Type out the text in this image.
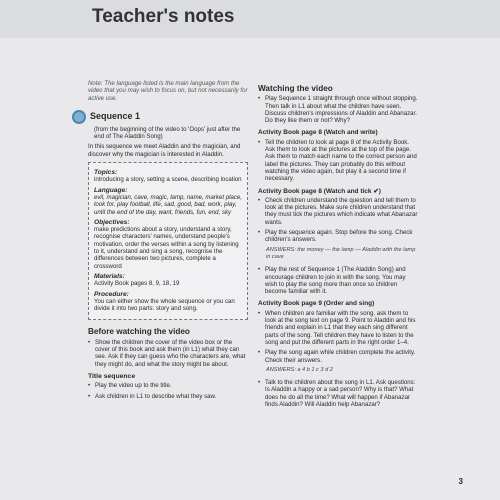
Teacher's notes

Note: The language listed is the main language from the video that you may wish to focus on, but not necessarily for active use.

Sequence 1

(from the beginning of the video to 'Oops' just after the end of The Aladdin Song)

In this sequence we meet Aladdin and the magician, and discover why the magician is interested in Aladdin.

Topics:

introducing a story, setting a scene, describing location

Language:

evil, magician, cave, magic, lamp, name, market place, look for, play football, life, sad, good, bad, work, play, until the end of the day, want, friends, fun, end, sky

Objectives:

make predictions about a story, understand a story, recognise characters' names, understand people's motivation, order the verses within a song by listening to it, understand and sing a song, recognise the differences between two pictures, complete a crossword

Materials:

Activity Book pages 8, 9, 18, 19

Procedure:

You can either show the whole sequence or you can divide it into two parts: story and song.

Before watching the video
• Show the children the cover of the video box or the cover of this book and ask them (in L1) what they can see. Ask if they can guess who the characters are, what they might do, and what the story might be about.
Title sequence
• Play the video up to the title.
• Ask children in L1 to describe what they saw.
Watching the video
• Play Sequence 1 straight through once without stopping. Then talk in L1 about what the children have seen. Discuss children's impressions of Aladdin and Abanazar. Do they like them or not? Why?
Activity Book page 8 (Watch and write)
• Tell the children to look at page 8 of the Activity Book. Ask them to look at the pictures at the top of the page. Ask them to match each name to the correct person and label the pictures. They can probably do this without watching the video again, but play it a second time if necessary.
Activity Book page 8 (Watch and tick ✔)
• Check children understand the question and tell them to look at the pictures. Make sure children understand that they must tick the pictures which indicate what Abanazar wants.
• Play the sequence again. Stop before the song. Check children's answers.
ANSWERS: the money — the lamp — Aladdin with the lamp in cave
• Play the rest of Sequence 1 (The Aladdin Song) and encourage children to join in with the song. You may wish to play the song more than once so children become familiar with it.
Activity Book page 9 (Order and sing)
• When children are familiar with the song, ask them to look at the song text on page 9. Point to Aladdin and his friends and explain in L1 that they each sing different parts of the song. Tell children they have to listen to the song and put the different parts in the right order 1–4.
• Play the song again while children complete the activity. Check their answers.
ANSWERS: a 4 b 1 c 3 d 2
• Talk to the children about the song in L1. Ask questions: Is Aladdin a happy or a sad person? Why is that? What does he do all the time? What will happen if Abanazar finds Aladdin? Will Aladdin help Abanazar?
3
